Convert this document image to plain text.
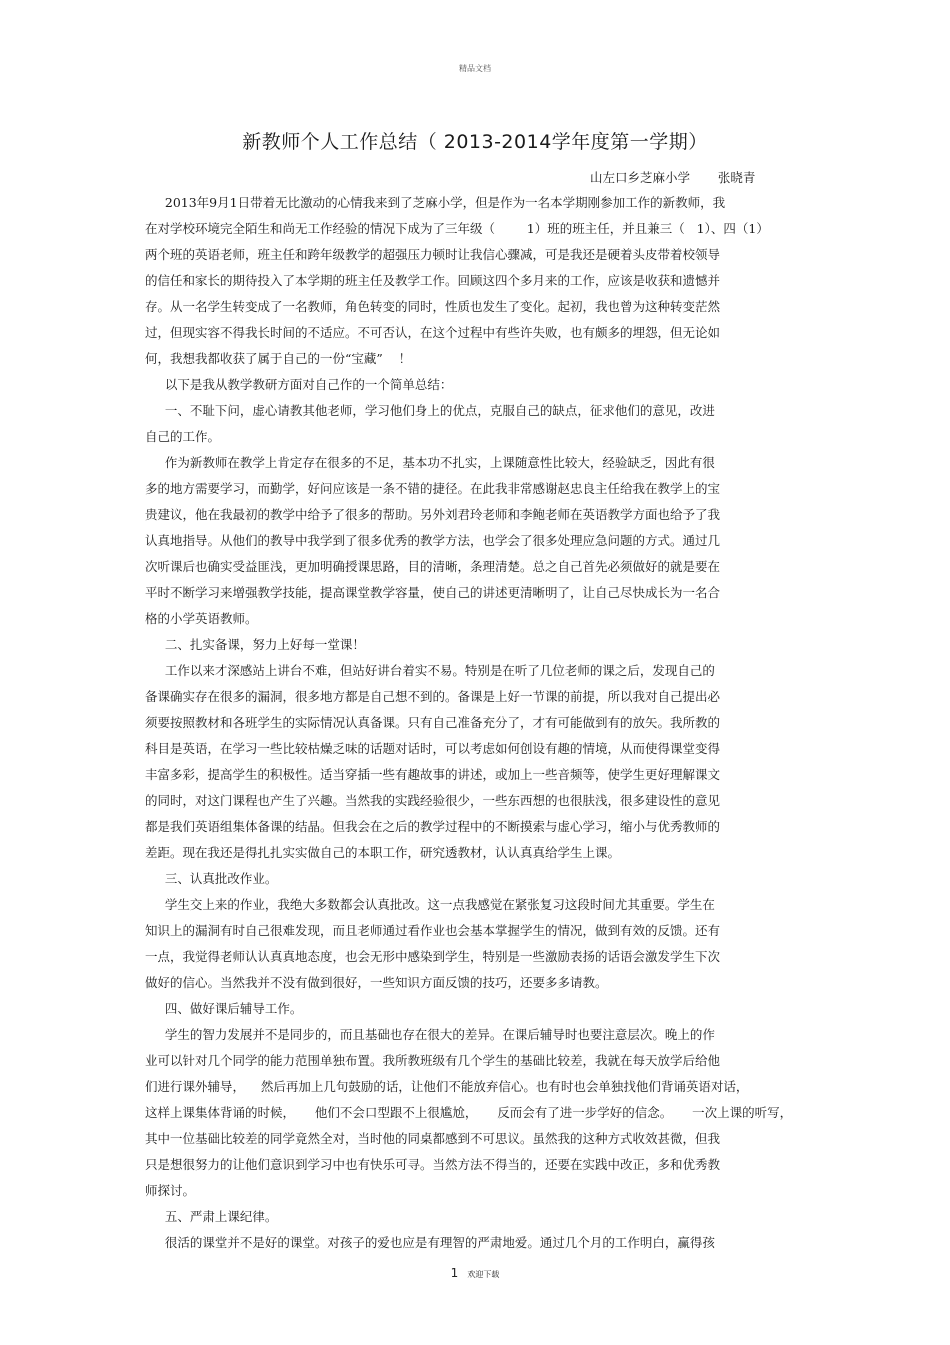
精品文档
新教师个人工作总结（ 2013-2014学年度第一学期）
山左口乡芝麻小学       张晓青
2013年9月1日带着无比激动的心情我来到了芝麻小学，但是作为一名本学期刚参加工作的新教师，我
在对学校环境完全陌生和尚无工作经验的情况下成为了三年级（        1）班的班主任，并且兼三（   1）、四（1）
两个班的英语老师，班主任和跨年级教学的超强压力顿时让我信心骤减，可是我还是硬着头皮带着校领导
的信任和家长的期待投入了本学期的班主任及教学工作。回顾这四个多月来的工作，应该是收获和遗憾并
存。从一名学生转变成了一名教师，角色转变的同时，性质也发生了变化。起初，我也曾为这种转变茫然
过，但现实容不得我长时间的不适应。不可否认，在这个过程中有些许失败，也有颇多的埋怨，但无论如
何，我想我都收获了属于自己的一份“宝藏”    ！
以下是我从教学教研方面对自己作的一个简单总结：
一、不耻下问，虚心请教其他老师，学习他们身上的优点，克服自己的缺点，征求他们的意见，改进
自己的工作。
作为新教师在教学上肯定存在很多的不足，基本功不扎实，上课随意性比较大，经验缺乏，因此有很
多的地方需要学习，而勤学，好问应该是一条不错的捷径。在此我非常感谢赵忠良主任给我在教学上的宝
贵建议，他在我最初的教学中给予了很多的帮助。另外刘君玲老师和李鲍老师在英语教学方面也给予了我
认真地指导。从他们的教导中我学到了很多优秀的教学方法，也学会了很多处理应急问题的方式。通过几
次听课后也确实受益匪浅，更加明确授课思路，目的清晰，条理清楚。总之自己首先必须做好的就是要在
平时不断学习来增强教学技能，提高课堂教学容量，使自己的讲述更清晰明了，让自己尽快成长为一名合
格的小学英语教师。
二、扎实备课，努力上好每一堂课！
工作以来才深感站上讲台不难，但站好讲台着实不易。特别是在听了几位老师的课之后，发现自己的
备课确实存在很多的漏洞，很多地方都是自己想不到的。备课是上好一节课的前提，所以我对自己提出必
须要按照教材和各班学生的实际情况认真备课。只有自己准备充分了，才有可能做到有的放矢。我所教的
科目是英语，在学习一些比较枯燥乏味的话题对话时，可以考虑如何创设有趣的情境，从而使得课堂变得
丰富多彩，提高学生的积极性。适当穿插一些有趣故事的讲述，或加上一些音频等，使学生更好理解课文
的同时，对这门课程也产生了兴趣。当然我的实践经验很少，一些东西想的也很肤浅，很多建设性的意见
都是我们英语组集体备课的结晶。但我会在之后的教学过程中的不断摸索与虚心学习，缩小与优秀教师的
差距。现在我还是得扎扎实实做自己的本职工作，研究透教材，认认真真给学生上课。
三、认真批改作业。
学生交上来的作业，我绝大多数都会认真批改。这一点我感觉在紧张复习这段时间尤其重要。学生在
知识上的漏洞有时自己很难发现，而且老师通过看作业也会基本掌握学生的情况，做到有效的反馈。还有
一点，我觉得老师认认真真地态度，也会无形中感染到学生，特别是一些激励表扬的话语会激发学生下次
做好的信心。当然我并不没有做到很好，一些知识方面反馈的技巧，还要多多请教。
四、做好课后辅导工作。
学生的智力发展并不是同步的，而且基础也存在很大的差异。在课后辅导时也要注意层次。晚上的作
业可以针对几个同学的能力范围单独布置。我所教班级有几个学生的基础比较差，我就在每天放学后给他
们进行课外辅导，    然后再加上几句鼓励的话，让他们不能放弃信心。也有时也会单独找他们背诵英语对话，
这样上课集体背诵的时候，     他们不会口型跟不上很尴尬，     反而会有了进一步学好的信念。     一次上课的听写，
其中一位基础比较差的同学竟然全对，当时他的同桌都感到不可思议。虽然我的这种方式收效甚微，但我
只是想很努力的让他们意识到学习中也有快乐可寻。当然方法不得当的，还要在实践中改正，多和优秀教
师探讨。
五、严肃上课纪律。
很活的课堂并不是好的课堂。对孩子的爱也应是有理智的严肃地爱。通过几个月的工作明白，赢得孩
1 欢迎下载
